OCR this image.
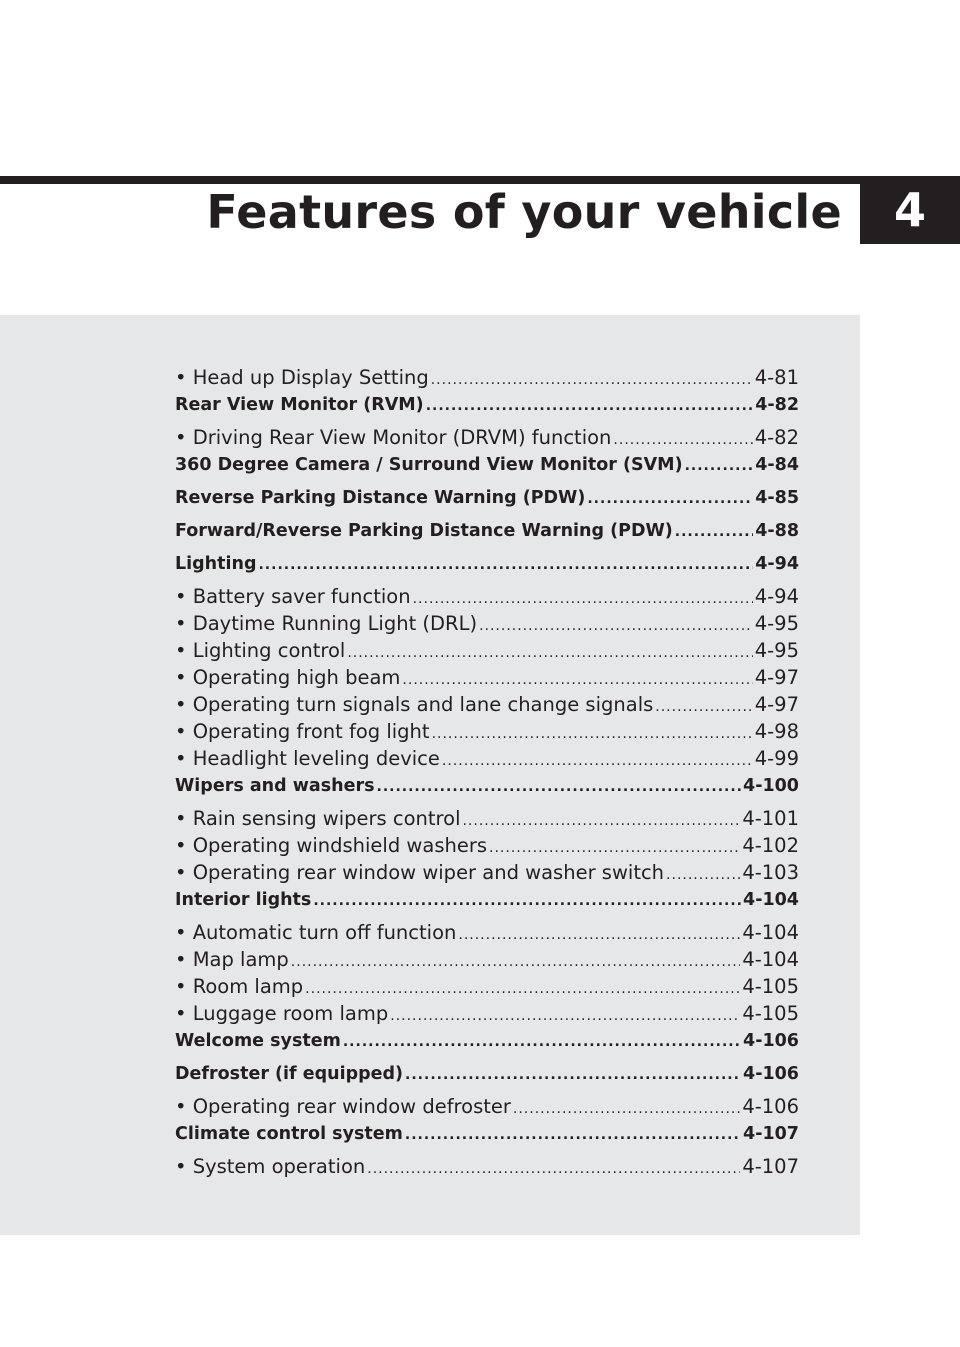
Features of your vehicle	4
• Head up Display Setting .....	4-81
Rear View Monitor (RVM) .....	4-82
• Driving Rear View Monitor (DRVM) function .....	4-82
360 Degree Camera / Surround View Monitor (SVM) .....	4-84
Reverse Parking Distance Warning (PDW) .....	4-85
Forward/Reverse Parking Distance Warning (PDW) .....	4-88
Lighting .....	4-94
• Battery saver function .....	4-94
• Daytime Running Light (DRL) .....	4-95
• Lighting control .....	4-95
• Operating high beam .....	4-97
• Operating turn signals and lane change signals .....	4-97
• Operating front fog light .....	4-98
• Headlight leveling device .....	4-99
Wipers and washers .....	4-100
• Rain sensing wipers control .....	4-101
• Operating windshield washers .....	4-102
• Operating rear window wiper and washer switch .....	4-103
Interior lights .....	4-104
• Automatic turn off function .....	4-104
• Map lamp .....	4-104
• Room lamp .....	4-105
• Luggage room lamp .....	4-105
Welcome system .....	4-106
Defroster (if equipped) .....	4-106
• Operating rear window defroster .....	4-106
Climate control system .....	4-107
• System operation .....	4-107
